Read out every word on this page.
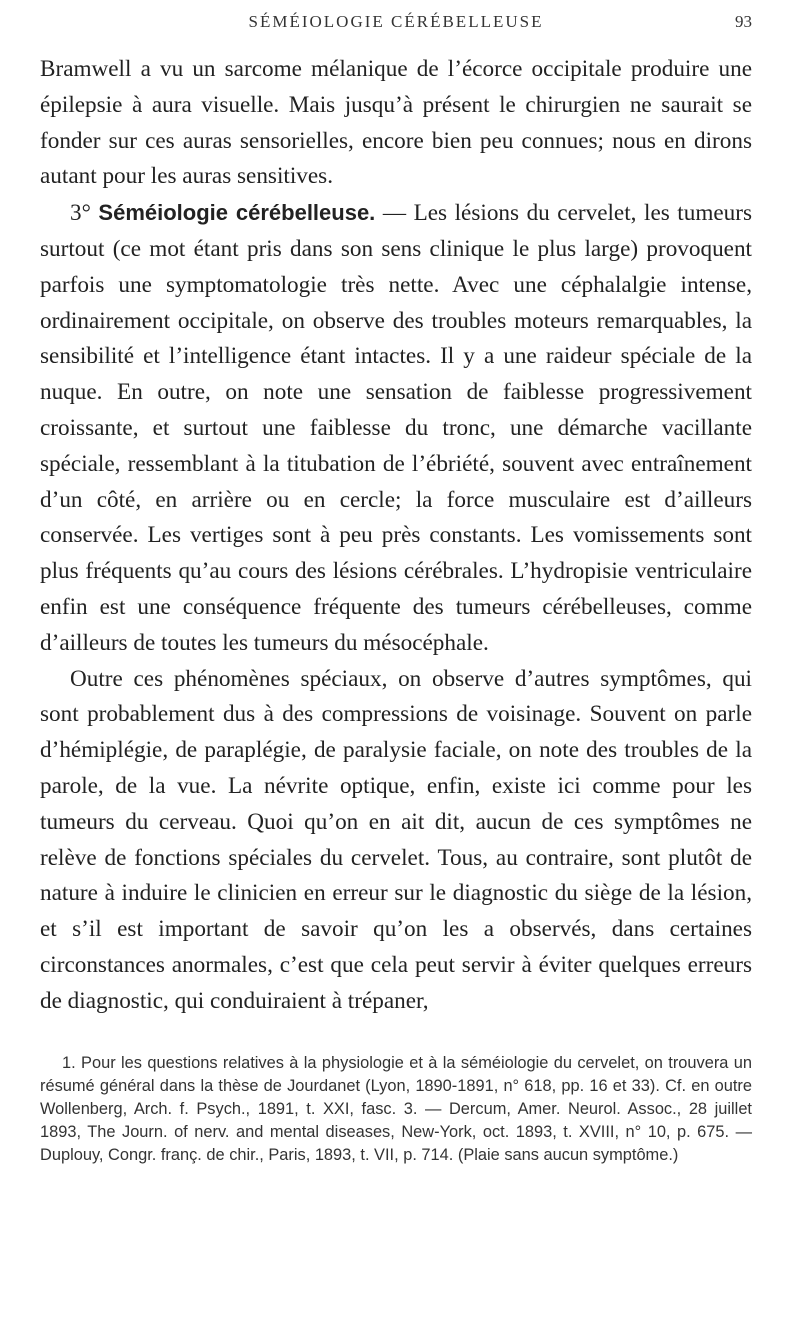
SÉMÉIOLOGIE CÉRÉBELLEUSE	93

Bramwell a vu un sarcome mélanique de l’écorce occipitale produire une épilepsie à aura visuelle. Mais jusqu’à présent le chirurgien ne saurait se fonder sur ces auras sensorielles, encore bien peu connues; nous en dirons autant pour les auras sensitives.

3° Séméiologie cérébelleuse. — Les lésions du cervelet, les tumeurs surtout (ce mot étant pris dans son sens clinique le plus large) provoquent parfois une symptomatologie très nette. Avec une céphalalgie intense, ordinairement occipitale, on observe des troubles moteurs remarquables, la sensibilité et l’intelligence étant intactes. Il y a une raideur spéciale de la nuque. En outre, on note une sensation de faiblesse progressivement croissante, et surtout une faiblesse du tronc, une démarche vacillante spéciale, ressemblant à la titubation de l’ébriété, souvent avec entraînement d’un côté, en arrière ou en cercle; la force musculaire est d’ailleurs conservée. Les vertiges sont à peu près constants. Les vomissements sont plus fréquents qu’au cours des lésions cérébrales. L’hydropisie ventriculaire enfin est une conséquence fréquente des tumeurs cérébelleuses, comme d’ailleurs de toutes les tumeurs du mésocéphale.

Outre ces phénomènes spéciaux, on observe d’autres symptômes, qui sont probablement dus à des compressions de voisinage. Souvent on parle d’hémiplégie, de paraplégie, de paralysie faciale, on note des troubles de la parole, de la vue. La névrite optique, enfin, existe ici comme pour les tumeurs du cerveau. Quoi qu’on en ait dit, aucun de ces symptômes ne relève de fonctions spéciales du cervelet. Tous, au contraire, sont plutôt de nature à induire le clinicien en erreur sur le diagnostic du siège de la lésion, et s’il est important de savoir qu’on les a observés, dans certaines circonstances anormales, c’est que cela peut servir à éviter quelques erreurs de diagnostic, qui conduiraient à trépaner,

1. Pour les questions relatives à la physiologie et à la séméiologie du cervelet, on trouvera un résumé général dans la thèse de Jourdanet (Lyon, 1890-1891, n° 618, pp. 16 et 33). Cf. en outre Wollenberg, Arch. f. Psych., 1891, t. XXI, fasc. 3. — Dercum, Amer. Neurol. Assoc., 28 juillet 1893, The Journ. of nerv. and mental diseases, New-York, oct. 1893, t. XVIII, n° 10, p. 675. — Duplouy, Congr. franç. de chir., Paris, 1893, t. VII, p. 714. (Plaie sans aucun symptôme.)
